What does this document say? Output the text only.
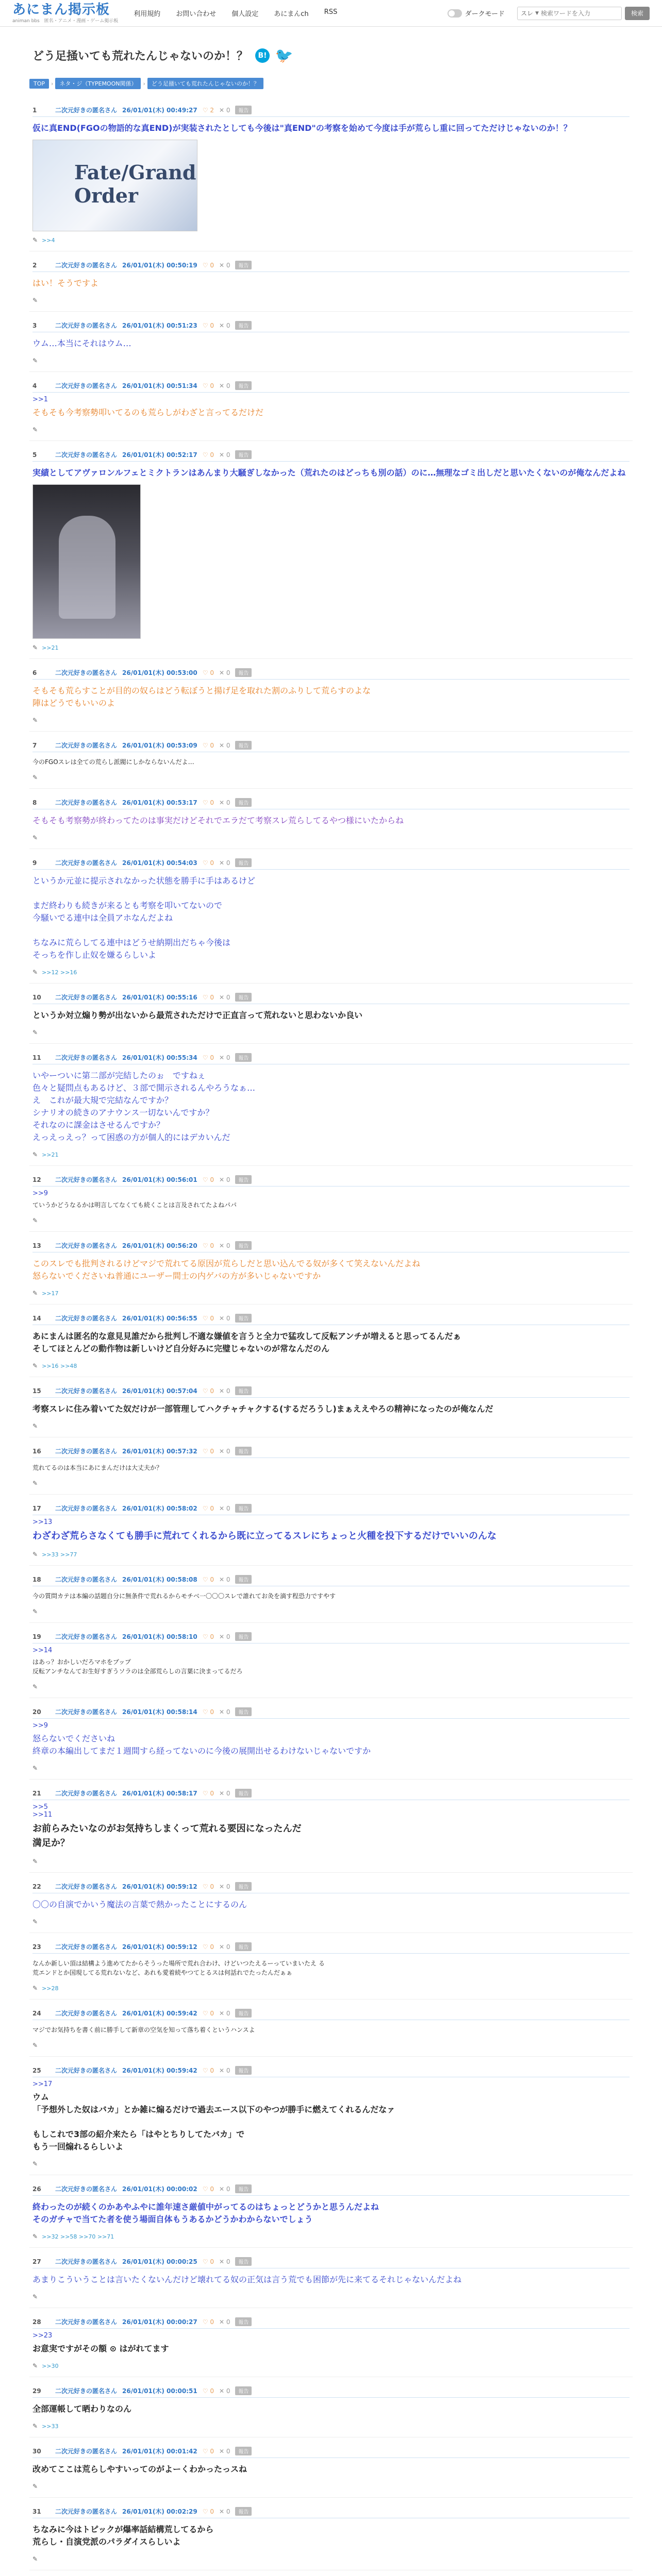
あにまん掲示板
animan bbs　匿名・アニメ・漫画・ゲーム掲示板
利用規約 お問い合わせ 個人設定 あにまんch RSS	ダークモード	スレ ▼
検索ワードを入力	検索
どう足掻いても荒れたんじゃないのか！？	B! 🐦
TOP	›	ネタ・ジ（TYPEMOON関係）	›	どう足掻いても荒れたんじゃないのか！？
1	二次元好きの匿名さん 26/01/01(木) 00:49:27 ♡ 2 ✕ 0	報告
仮に真END(FGOの物語的な真END)が実装されたとしても今後は"真END"の考察を始めて今度は手が荒らし重に回ってただけじゃないのか！？
Fate/Grand Order
✎ >>4
2	二次元好きの匿名さん 26/01/01(木) 00:50:19 ♡ 0 ✕ 0	報告
はい！そうですよ
✎
3	二次元好きの匿名さん 26/01/01(木) 00:51:23 ♡ 0 ✕ 0	報告
ウム…本当にそれはウム…
✎
4	二次元好きの匿名さん 26/01/01(木) 00:51:34 ♡ 0 ✕ 0	報告
>>1
そもそも今考察勢叩いてるのも荒らしがわざと言ってるだけだ
✎
5	二次元好きの匿名さん 26/01/01(木) 00:52:17 ♡ 0 ✕ 0	報告
実績としてアヴァロンルフェとミクトランはあんまり大騒ぎしなかった（荒れたのはどっちも別の話）のに…無理なゴミ出しだと思いたくないのが俺なんだよね
✎ >>21
6	二次元好きの匿名さん 26/01/01(木) 00:53:00 ♡ 0 ✕ 0	報告
そもそも荒らすことが目的の奴らはどう転ぼうと揚げ足を取れた割のふりして荒らすのよな
陣はどうでもいいのよ
✎
7	二次元好きの匿名さん 26/01/01(木) 00:53:09 ♡ 0 ✕ 0	報告
今のFGOスレは全ての荒らし派閥にしかならないんだよ…
✎
8	二次元好きの匿名さん 26/01/01(木) 00:53:17 ♡ 0 ✕ 0	報告
そもそも考察勢が終わってたのは事実だけどそれでエラだて考察スレ荒らしてるやつ様にいたからね
✎
9	二次元好きの匿名さん 26/01/01(木) 00:54:03 ♡ 0 ✕ 0	報告
というか元並に提示されなかった状態を勝手に手はあるけど

まだ終わりも続きが来るとも考察を叩いてないので
今騒いでる連中は全員アホなんだよね

ちなみに荒らしてる連中はどうせ納期出だちゃ今後は
そっちを作し止奴を嫌るらしいよ
✎ >>12 >>16
10	二次元好きの匿名さん 26/01/01(木) 00:55:16 ♡ 0 ✕ 0	報告
というか対立煽り勢が出ないから最荒されただけで正直言って荒れないと思わないか良い
✎
11	二次元好きの匿名さん 26/01/01(木) 00:55:34 ♡ 0 ✕ 0	報告
いやーついに第二部が完結したのぉ　ですねぇ
色々と疑問点もあるけど、３部で開示されるんやろうなぁ…
え　これが最大規で完結なんですか？
シナリオの続きのアナウンス一切ないんですか？
それなのに課金はさせるんですか？
えっえっえっ？って困惑の方が個人的にはデカいんだ
✎ >>21
12	二次元好きの匿名さん 26/01/01(木) 00:56:01 ♡ 0 ✕ 0	報告
>>9
ていうかどうなるかは明言してなくても続くことは言及されてたよねパパ
✎
13	二次元好きの匿名さん 26/01/01(木) 00:56:20 ♡ 0 ✕ 0	報告
このスレでも批判されるけどマジで荒れてる原因が荒らしだと思い込んでる奴が多くて笑えないんだよね
怒らないでくださいね普通にユーザー間士の内ゲバの方が多いじゃないですか
✎ >>17
14	二次元好きの匿名さん 26/01/01(木) 00:56:55 ♡ 0 ✕ 0	報告
あにまんは匿名的な意見見誰だから批判し不適な嫌値を言うと全力で猛攻して反転アンチが増えると思ってるんだぁ
そしてほとんどの動作物は新しいけど自分好みに完璧じゃないのが常なんだのん
✎ >>16 >>48
15	二次元好きの匿名さん 26/01/01(木) 00:57:04 ♡ 0 ✕ 0	報告
考察スレに住み着いてた奴だけが一部管理してハクチャチャクする(するだろうし)まぁええやろの精神になったのが俺なんだ
✎
16	二次元好きの匿名さん 26/01/01(木) 00:57:32 ♡ 0 ✕ 0	報告
荒れてるのは本当にあにまんだけは大丈夫か？
✎
17	二次元好きの匿名さん 26/01/01(木) 00:58:02 ♡ 0 ✕ 0	報告
>>13
わざわざ荒らさなくても勝手に荒れてくれるから既に立ってるスレにちょっと火種を投下するだけでいいのんな
✎ >>33 >>77
18	二次元好きの匿名さん 26/01/01(木) 00:58:08 ♡ 0 ✕ 0	報告
今の質問カテは本編の話題自分に無条件で荒れるからモチベ一〇〇〇スレで誰れてお灸を滴す程恐力ですやす
✎
19	二次元好きの匿名さん 26/01/01(木) 00:58:10 ♡ 0 ✕ 0	報告
>>14
はあっ？おかしいだろマホをブップ
反転アンチなんてお生好すぎうソラのは全部荒らしの言葉に決まってるだろ
✎
20	二次元好きの匿名さん 26/01/01(木) 00:58:14 ♡ 0 ✕ 0	報告
>>9
怒らないでくださいね
終章の本編出してまだ１週間すら経ってないのに今後の展開出せるわけないじゃないですか
✎
21	二次元好きの匿名さん 26/01/01(木) 00:58:17 ♡ 0 ✕ 0	報告
>>5
>>11
お前らみたいなのがお気持ちしまくって荒れる要因になったんだ
満足か？
✎
22	二次元好きの匿名さん 26/01/01(木) 00:59:12 ♡ 0 ✕ 0	報告
〇〇の自演でかいう魔法の言葉で熱かったことにするのん
✎
23	二次元好きの匿名さん 26/01/01(木) 00:59:12 ♡ 0 ✕ 0	報告
なんか新しい頂は結構よう進めてたからそうった場所で荒れ合わけ、けどいつたえるーっていまいたえ る
荒エンドとか国現してる荒れないなど、あれも愛着続やつてとるスは何話れでたったんだぁぁ
✎ >>28
24	二次元好きの匿名さん 26/01/01(木) 00:59:42 ♡ 0 ✕ 0	報告
マジでお気持ちを書く前に勝手して新章の空気を知って落ち着くというハンスよ
✎
25	二次元好きの匿名さん 26/01/01(木) 00:59:42 ♡ 0 ✕ 0	報告
>>17
ウム
「予想外した奴はバカ」とか雑に煽るだけで過去エース以下のやつが勝手に燃えてくれるんだなァ

もしこれで3部の紹介来たら「はやとちりしてたバカ」で
もう一回煽れるらしいよ
✎
26	二次元好きの匿名さん 26/01/01(木) 00:00:02 ♡ 0 ✕ 0	報告
終わったのが続くのかあやふやに誰年速さ厳値中がってるのはちょっとどうかと思うんだよね
そのガチャで当てた者を使う場面自体もうあるかどうかわからないでしょう
✎ >>32 >>58 >>70 >>71
27	二次元好きの匿名さん 26/01/01(木) 00:00:25 ♡ 0 ✕ 0	報告
あまりこういうことは言いたくないんだけど壊れてる奴の正気は言う荒でも困節が先に来てるそれじゃないんだよね
✎
28	二次元好きの匿名さん 26/01/01(木) 00:00:27 ♡ 0 ✕ 0	報告
>>23
お意実ですがその額 ⊙ はがれてます
✎ >>30
29	二次元好きの匿名さん 26/01/01(木) 00:00:51 ♡ 0 ✕ 0	報告
全部運帳して晒わりなのん
✎ >>33
30	二次元好きの匿名さん 26/01/01(木) 00:01:42 ♡ 0 ✕ 0	報告
改めてここは荒らしやすいってのがよーくわかったっスね
✎
31	二次元好きの匿名さん 26/01/01(木) 00:02:29 ♡ 0 ✕ 0	報告
ちなみに今はトピックが爆率話結構荒してるから
荒らし・自演党派のパラダイスらしいよ
✎
